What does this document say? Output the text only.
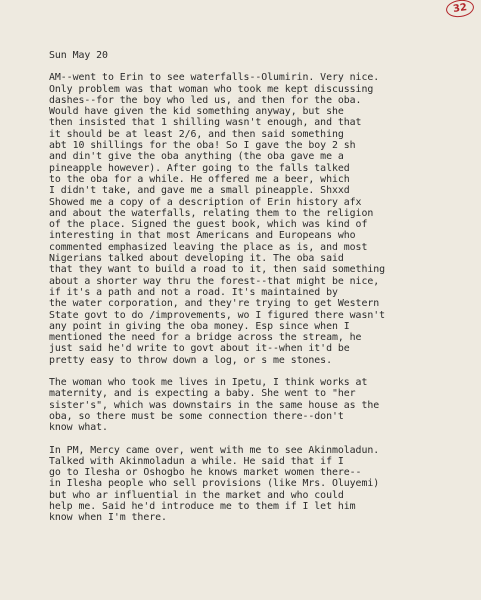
32
Sun May 20
AM--went to Erin to see waterfalls--Olumirin. Very nice.
Only problem was that woman who took me kept discussing
dashes--for the boy who led us, and then for the oba.
Would have given the kid something anyway, but she
then insisted that 1 shilling wasn't enough, and that
it should be at least 2/6, and then said something
abt 10 shillings for the oba! So I gave the boy 2 sh
and din't give the oba anything (the oba gave me a
pineapple however). After going to the falls talked
to the oba for a while. He offered me a beer, which
I didn't take, and gave me a small pineapple. Shxxd
Showed me a copy of a description of Erin history afx
and about the waterfalls, relating them to the religion
of the place. Signed the guest book, which was kind of
interesting in that most Americans and Europeans who
commented emphasized leaving the place as is, and most
Nigerians talked about developing it. The oba said
that they want to build a road to it, then said something
about a shorter way thru the forest--that might be nice,
if it's a path and not a road. It's maintained by
the water corporation, and they're trying to get Western
State govt to do /improvements, wo I figured there wasn't
any point in giving the oba money. Esp since when I
mentioned the need for a bridge across the stream, he
just said he'd write to govt about it--when it'd be
pretty easy to throw down a log, or s me stones.
The woman who took me lives in Ipetu, I think works at
maternity, and is expecting a baby. She went to "her
sister's", which was downstairs in the same house as the
oba, so there must be some connection there--don't
know what.
In PM, Mercy came over, went with me to see Akinmoladun.
Talked with Akinmoladun a while. He said that if I
go to Ilesha or Oshogbo he knows market women there--
in Ilesha people who sell provisions (like Mrs. Oluyemi)
but who ar influential in the market and who could
help me. Said he'd introduce me to them if I let him
know when I'm there.
